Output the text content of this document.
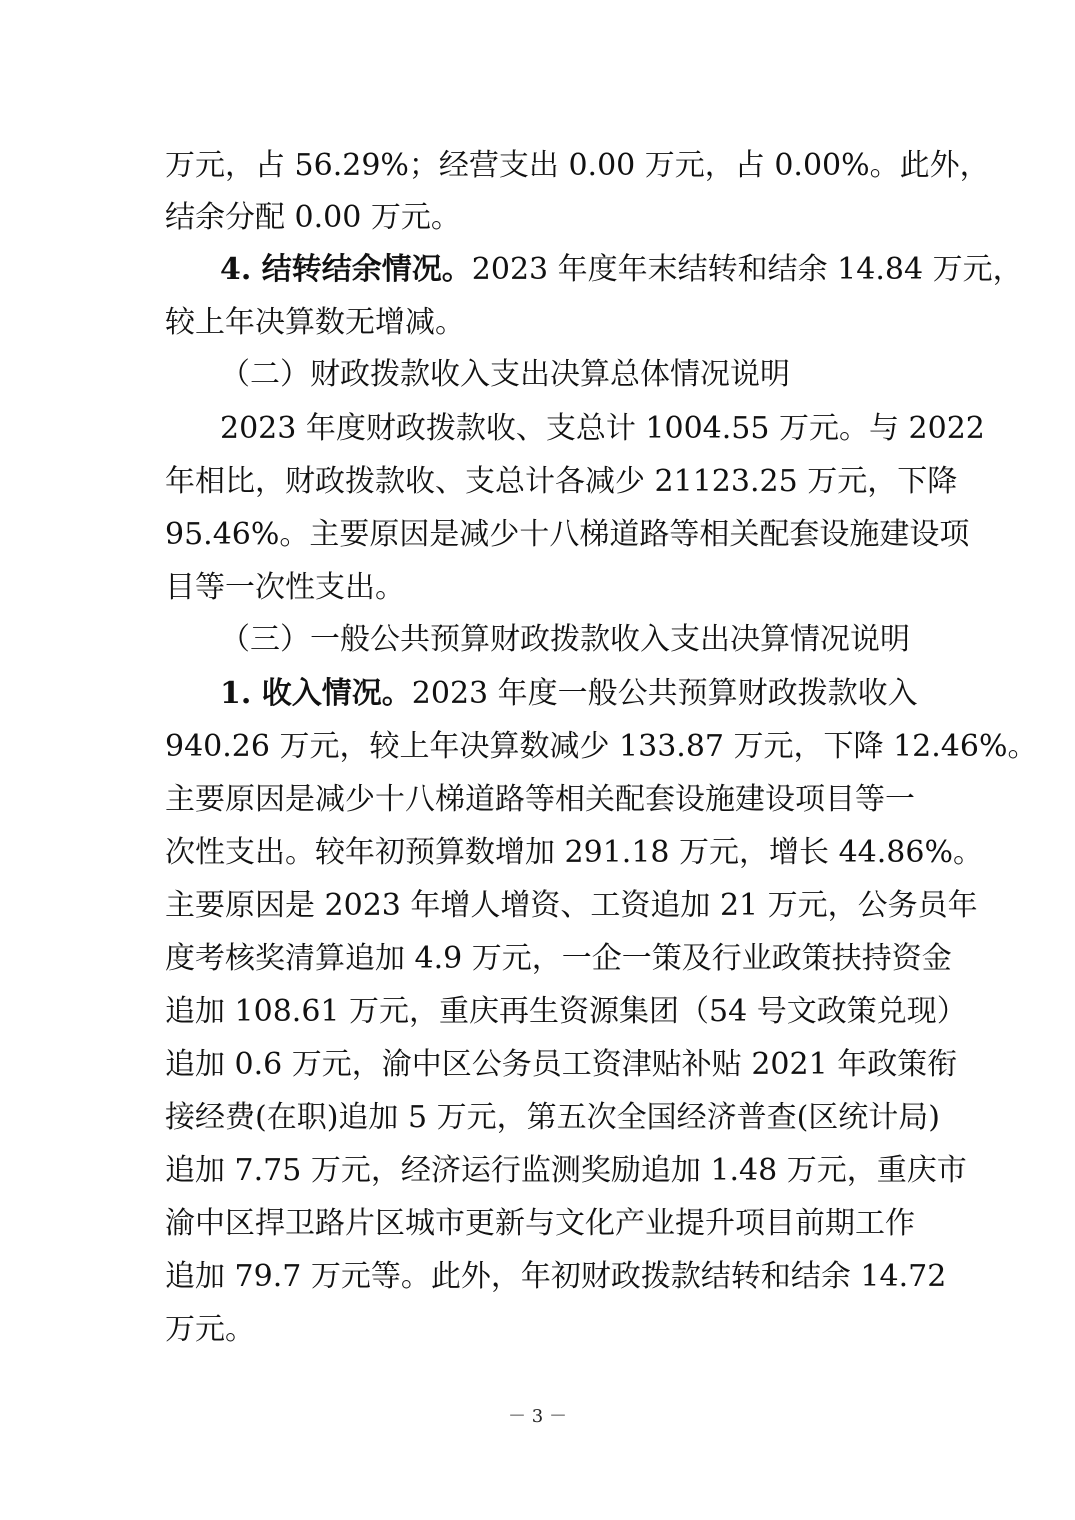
万元，占 56.29%；经营支出 0.00 万元，占 0.00%。此外，
结余分配 0.00 万元。
4. 结转结余情况。2023 年度年末结转和结余 14.84 万元，
较上年决算数无增减。
（二）财政拨款收入支出决算总体情况说明
2023 年度财政拨款收、支总计 1004.55 万元。与 2022
年相比，财政拨款收、支总计各减少 21123.25 万元，下降
95.46%。主要原因是减少十八梯道路等相关配套设施建设项
目等一次性支出。
（三）一般公共预算财政拨款收入支出决算情况说明
1. 收入情况。2023 年度一般公共预算财政拨款收入
940.26 万元，较上年决算数减少 133.87 万元，下降 12.46%。
主要原因是减少十八梯道路等相关配套设施建设项目等一
次性支出。较年初预算数增加 291.18 万元，增长 44.86%。
主要原因是 2023 年增人增资、工资追加 21 万元，公务员年
度考核奖清算追加 4.9 万元，一企一策及行业政策扶持资金
追加 108.61 万元，重庆再生资源集团（54 号文政策兑现）
追加 0.6 万元，渝中区公务员工资津贴补贴 2021 年政策衔
接经费(在职)追加 5 万元，第五次全国经济普查(区统计局)
追加 7.75 万元，经济运行监测奖励追加 1.48 万元，重庆市
渝中区捍卫路片区城市更新与文化产业提升项目前期工作
追加 79.7 万元等。此外，年初财政拨款结转和结余 14.72
万元。
－ 3 －
